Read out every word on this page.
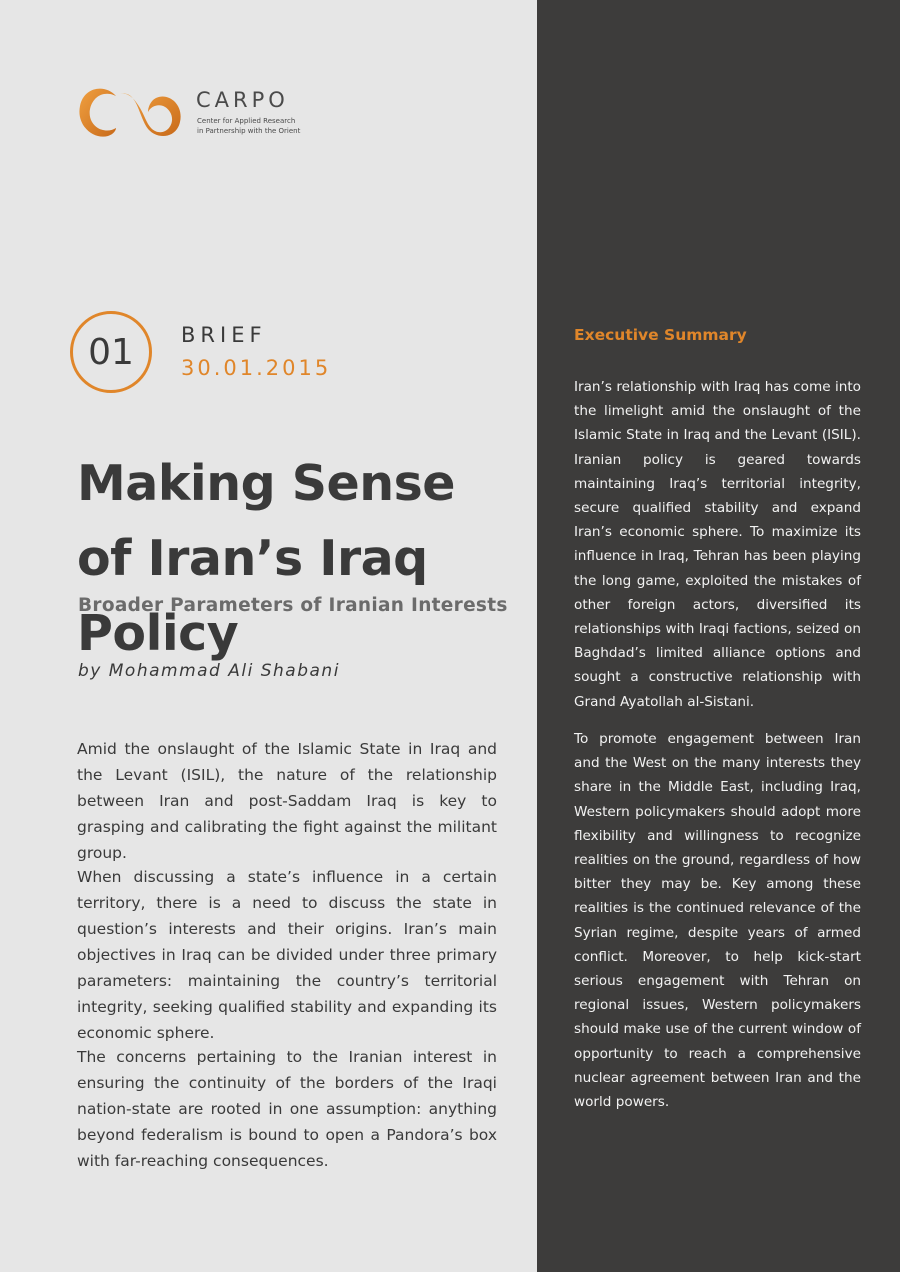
CARPO
Center for Applied Research
in Partnership with the Orient
01	BRIEF
30.01.2015
Making Sense of Iran’s Iraq Policy
Broader Parameters of Iranian Interests
by Mohammad Ali Shabani
Amid the onslaught of the Islamic State in Iraq and the Levant (ISIL), the nature of the relationship between Iran and post-Saddam Iraq is key to grasping and calibrating the fight against the militant group.
When discussing a state’s influence in a certain territory, there is a need to discuss the state in question’s interests and their origins. Iran’s main objectives in Iraq can be divided under three primary parameters: maintaining the country’s territorial integrity, seeking qualified stability and expanding its economic sphere.
The concerns pertaining to the Iranian interest in ensuring the continuity of the borders of the Iraqi nation-state are rooted in one assumption: anything beyond federalism is bound to open a Pandora’s box with far-reaching consequences.
Executive Summary
Iran’s relationship with Iraq has come into the limelight amid the onslaught of the Islamic State in Iraq and the Levant (ISIL). Iranian policy is geared towards maintaining Iraq’s territorial integrity, secure qualified stability and expand Iran’s economic sphere. To maximize its influence in Iraq, Tehran has been playing the long game, exploited the mistakes of other foreign actors, diversified its relationships with Iraqi factions, seized on Baghdad’s limited alliance options and sought a constructive relationship with Grand Ayatollah al-Sistani.
To promote engagement between Iran and the West on the many interests they share in the Middle East, including Iraq, Western policymakers should adopt more flexibility and willingness to recognize realities on the ground, regardless of how bitter they may be. Key among these realities is the continued relevance of the Syrian regime, despite years of armed conflict. Moreover, to help kick-start serious engagement with Tehran on regional issues, Western policymakers should make use of the current window of opportunity to reach a comprehensive nuclear agreement between Iran and the world powers.
